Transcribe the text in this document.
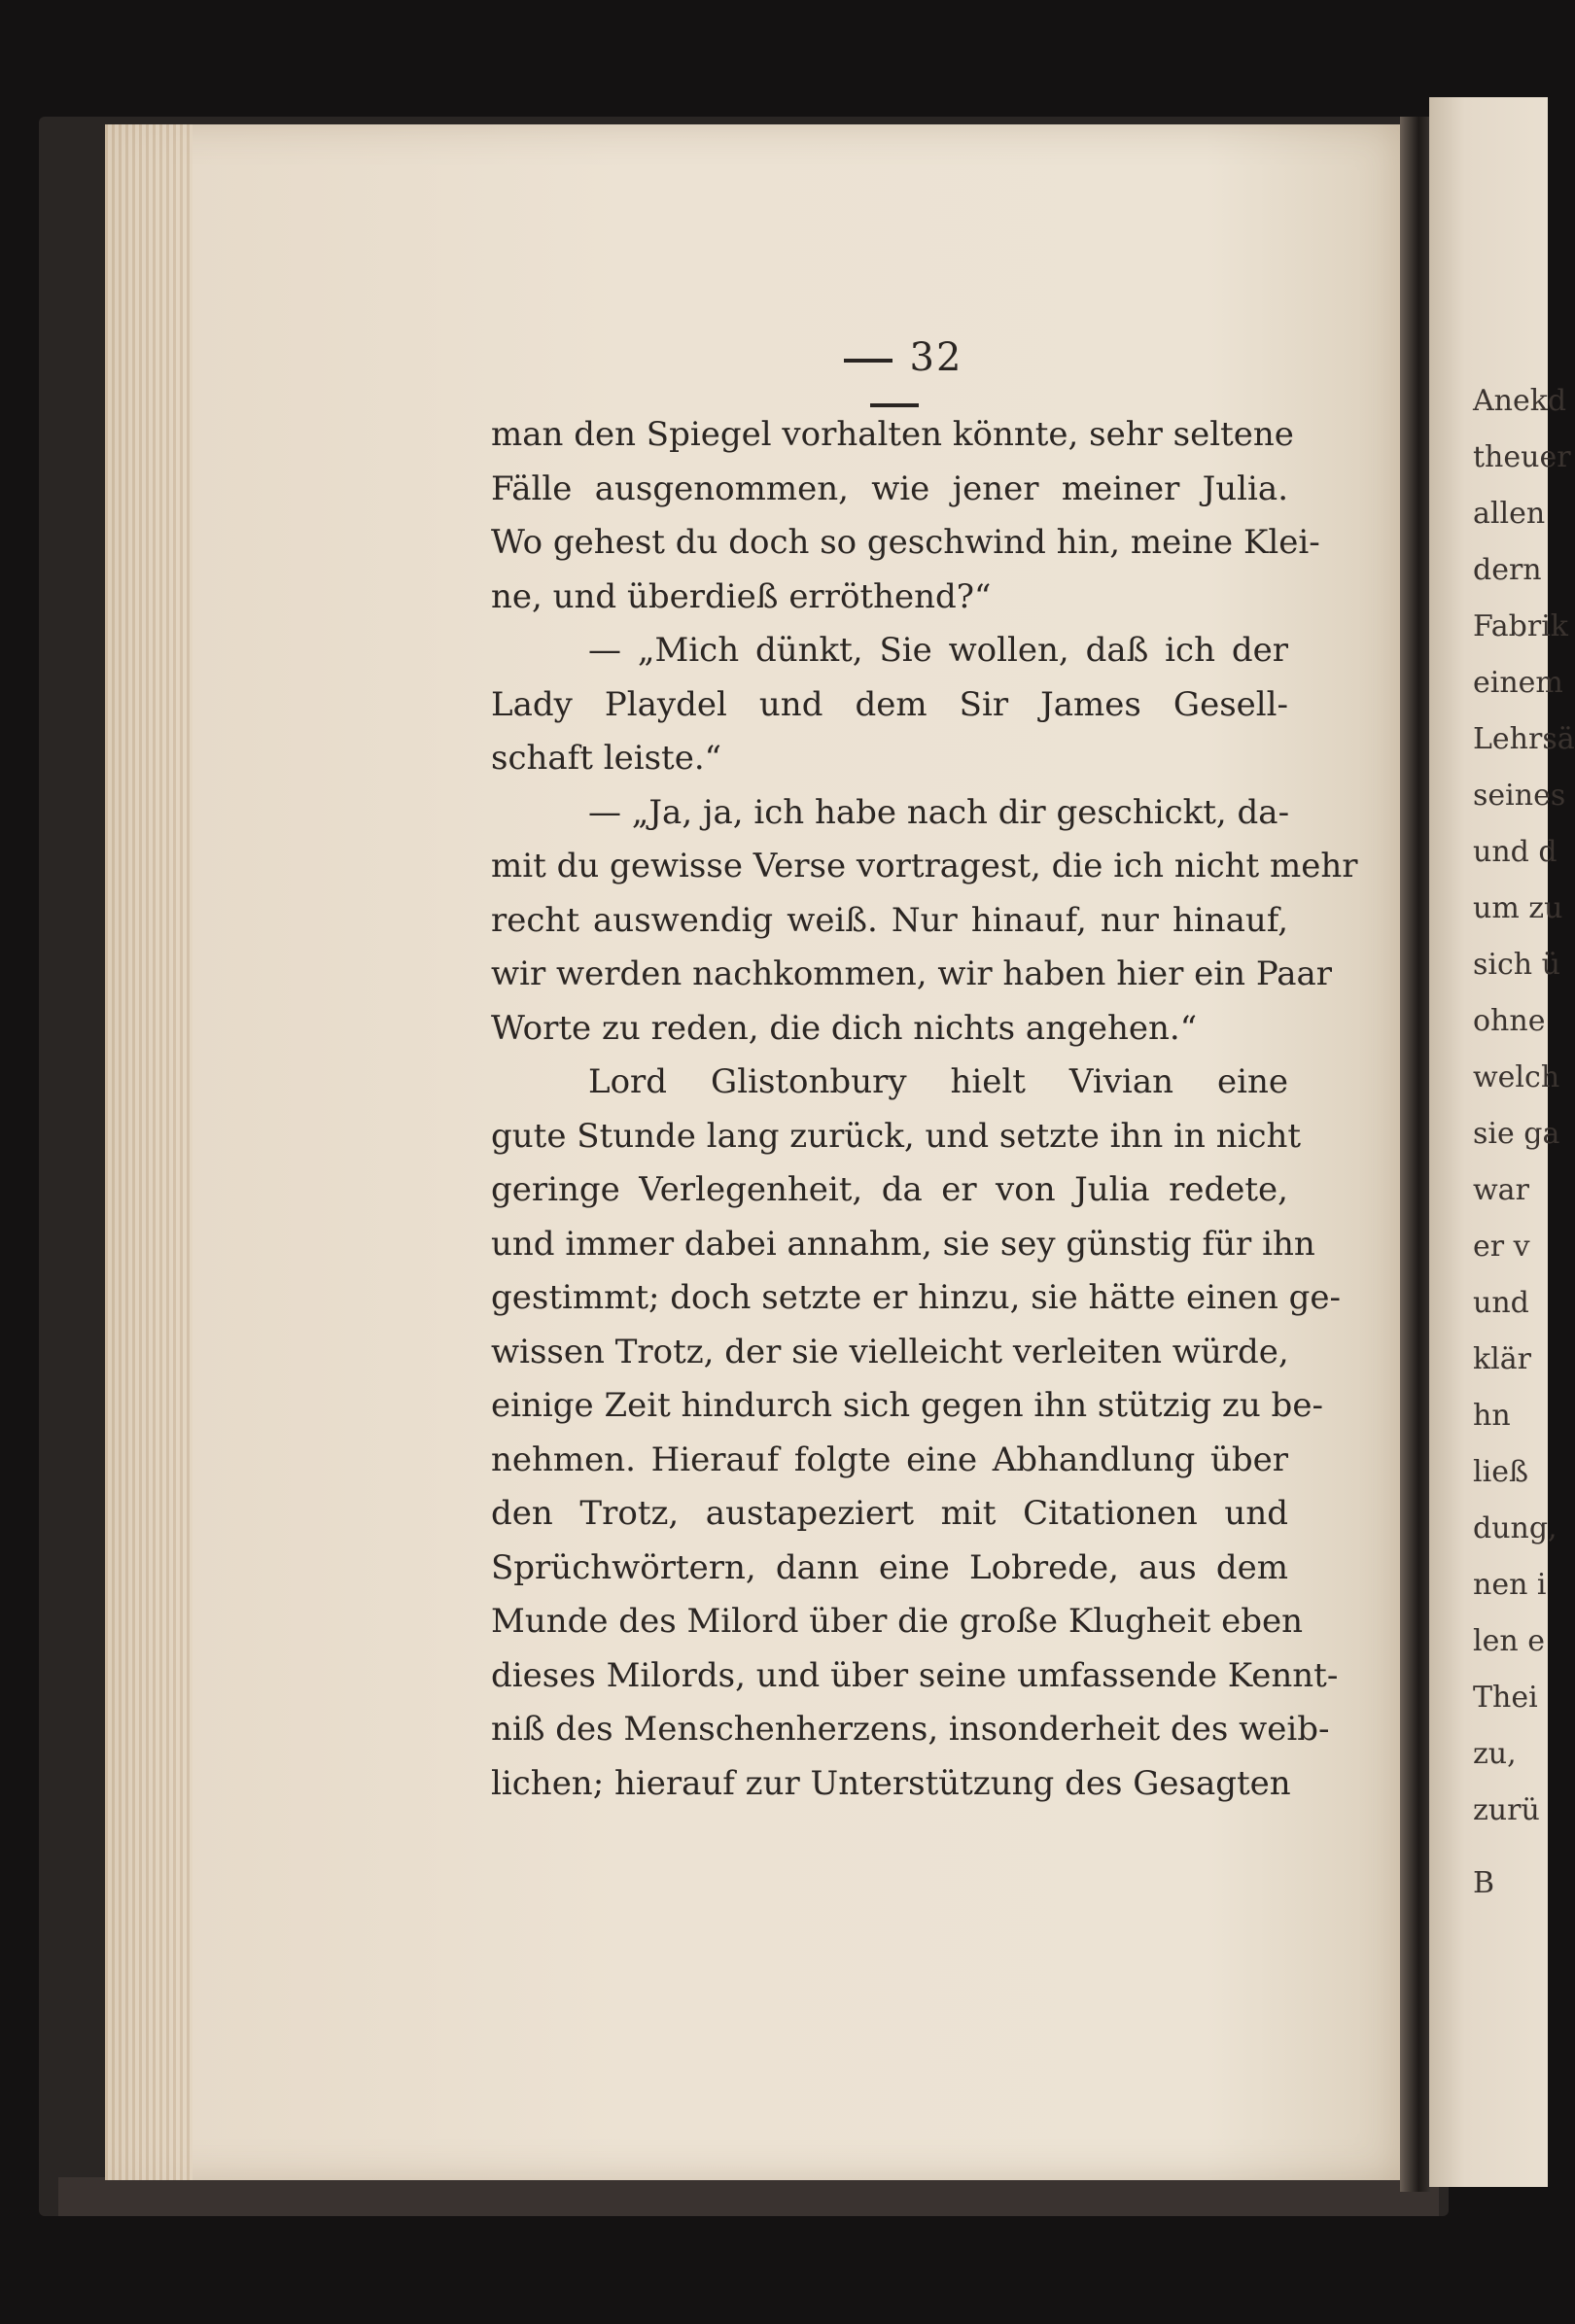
32
man den Spiegel vorhalten könnte, sehr seltene
Fälle ausgenommen, wie jener meiner Julia.
Wo gehest du doch so geschwind hin, meine Klei-
ne, und überdieß erröthend?“
— „Mich dünkt, Sie wollen, daß ich der
Lady Playdel und dem Sir James Gesell-
schaft leiste.“
— „Ja, ja, ich habe nach dir geschickt, da-
mit du gewisse Verse vortragest, die ich nicht mehr
recht auswendig weiß. Nur hinauf, nur hinauf,
wir werden nachkommen, wir haben hier ein Paar
Worte zu reden, die dich nichts angehen.“
Lord Glistonbury hielt Vivian eine
gute Stunde lang zurück, und setzte ihn in nicht
geringe Verlegenheit, da er von Julia redete,
und immer dabei annahm, sie sey günstig für ihn
gestimmt; doch setzte er hinzu, sie hätte einen ge-
wissen Trotz, der sie vielleicht verleiten würde,
einige Zeit hindurch sich gegen ihn stützig zu be-
nehmen. Hierauf folgte eine Abhandlung über
den Trotz, austapeziert mit Citationen und
Sprüchwörtern, dann eine Lobrede, aus dem
Munde des Milord über die große Klugheit eben
dieses Milords, und über seine umfassende Kennt-
niß des Menschenherzens, insonderheit des weib-
lichen; hierauf zur Unterstützung des Gesagten
Anekd
theuer
allen
dern
Fabrik
einem
Lehrsä
seines
und d
um zu
sich ü
ohne
welch
sie ga
war
er v
und
klär
hn
ließ
dung,
nen i
len e
Thei
zu,
zurü
B
